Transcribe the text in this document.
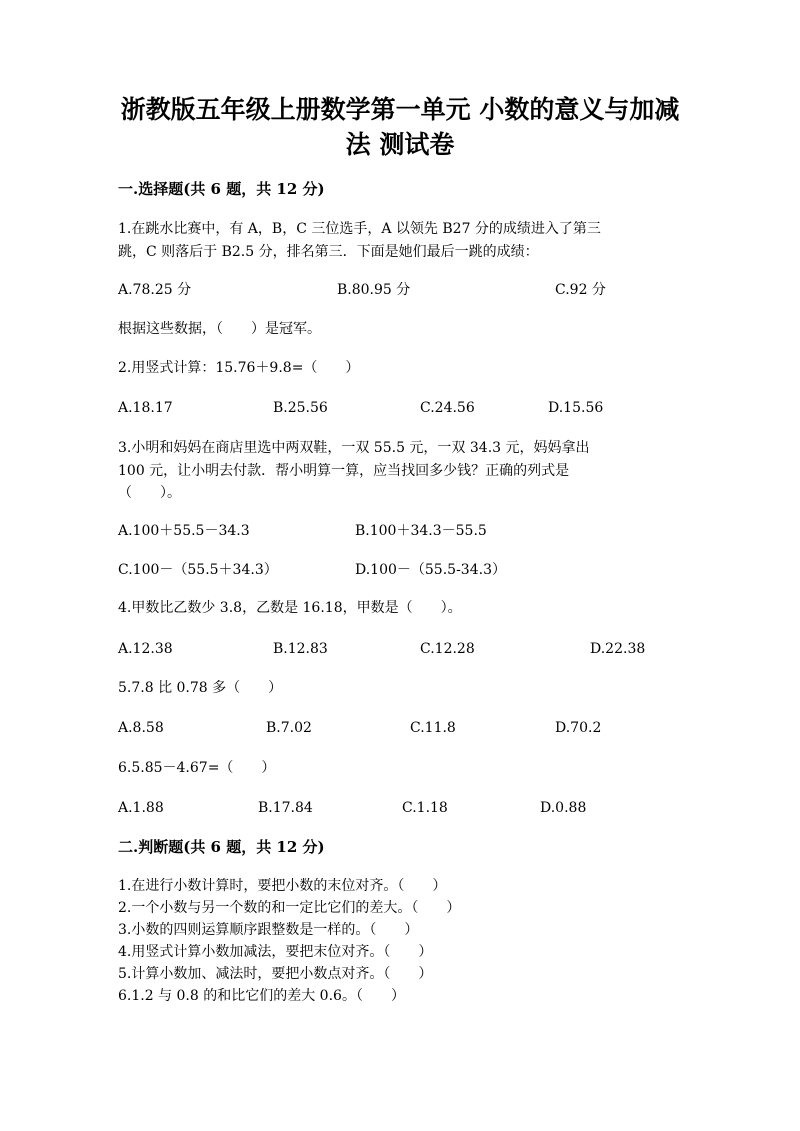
浙教版五年级上册数学第一单元 小数的意义与加减
法 测试卷
一.选择题(共 6 题，共 12 分)
1.在跳水比赛中，有 A，B，C 三位选手，A 以领先 B27 分的成绩进入了第三
跳，C 则落后于 B2.5 分，排名第三．下面是她们最后一跳的成绩：
A.78.25 分	B.80.95 分	C.92 分
根据这些数据，（　　）是冠军。
2.用竖式计算：15.76＋9.8=（　　）
A.18.17	B.25.56	C.24.56	D.15.56
3.小明和妈妈在商店里选中两双鞋，一双 55.5 元，一双 34.3 元，妈妈拿出
100 元，让小明去付款．帮小明算一算，应当找回多少钱？正确的列式是
（　　）。
A.100＋55.5－34.3	B.100＋34.3－55.5
C.100－（55.5＋34.3）	D.100－（55.5-34.3）
4.甲数比乙数少 3.8，乙数是 16.18，甲数是（　　）。
A.12.38	B.12.83	C.12.28	D.22.38
5.7.8 比 0.78 多（　　）
A.8.58	B.7.02	C.11.8	D.70.2
6.5.85－4.67=（　　）
A.1.88	B.17.84	C.1.18	D.0.88
二.判断题(共 6 题，共 12 分)
1.在进行小数计算时，要把小数的末位对齐。（　　）
2.一个小数与另一个数的和一定比它们的差大。（　　）
3.小数的四则运算顺序跟整数是一样的。（　　）
4.用竖式计算小数加减法，要把末位对齐。（　　）
5.计算小数加、减法时，要把小数点对齐。（　　）
6.1.2 与 0.8 的和比它们的差大 0.6。（　　）
